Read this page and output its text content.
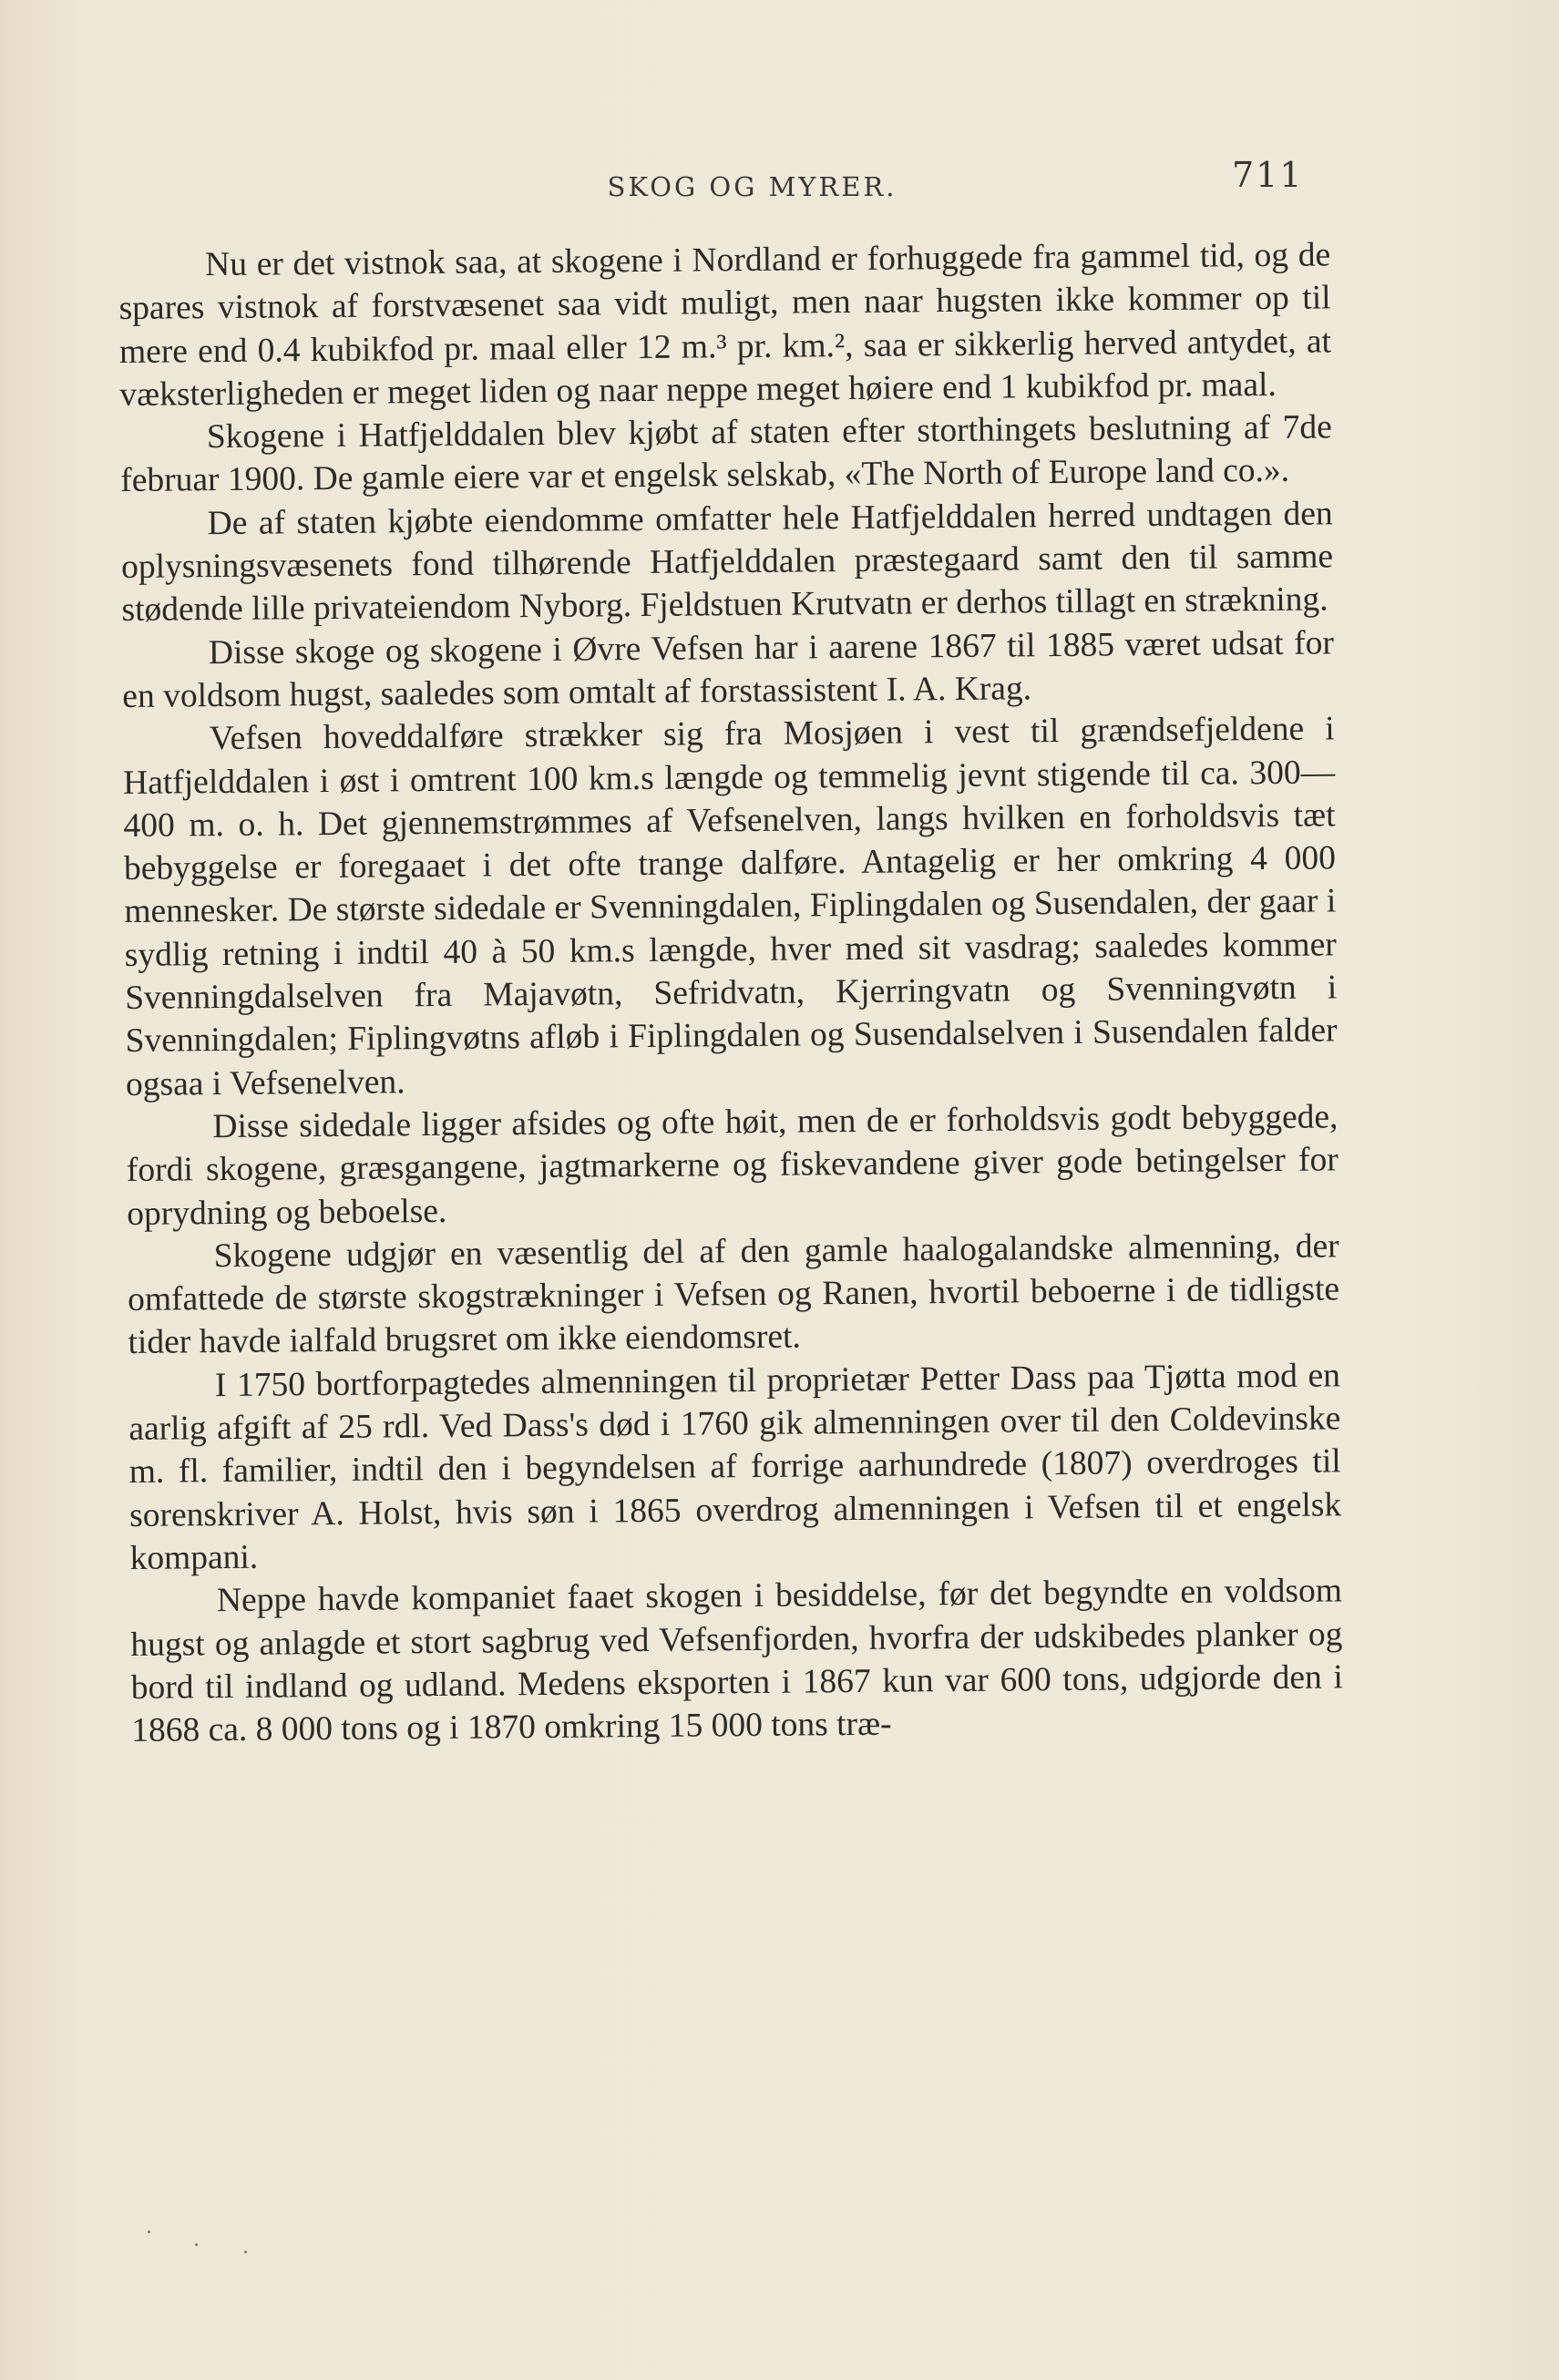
SKOG OG MYRER.	711

Nu er det vistnok saa, at skogene i Nordland er forhuggede fra gammel tid, og de spares vistnok af forstvæsenet saa vidt muligt, men naar hugsten ikke kommer op til mere end 0.4 kubikfod pr. maal eller 12 m.³ pr. km.², saa er sikkerlig herved antydet, at væksterligheden er meget liden og naar neppe meget høiere end 1 kubikfod pr. maal.

Skogene i Hatfjelddalen blev kjøbt af staten efter storthingets beslutning af 7de februar 1900. De gamle eiere var et engelsk selskab, «The North of Europe land co.».

De af staten kjøbte eiendomme omfatter hele Hatfjelddalen herred undtagen den oplysningsvæsenets fond tilhørende Hatfjelddalen præstegaard samt den til samme stødende lille privateiendom Nyborg. Fjeldstuen Krutvatn er derhos tillagt en strækning.

Disse skoge og skogene i Øvre Vefsen har i aarene 1867 til 1885 været udsat for en voldsom hugst, saaledes som omtalt af forstassistent I. A. Krag.

Vefsen hoveddalføre strækker sig fra Mosjøen i vest til grændsefjeldene i Hatfjelddalen i øst i omtrent 100 km.s længde og temmelig jevnt stigende til ca. 300—400 m. o. h. Det gjennemstrømmes af Vefsenelven, langs hvilken en forholdsvis tæt bebyggelse er foregaaet i det ofte trange dalføre. Antagelig er her omkring 4 000 mennesker. De største sidedale er Svenningdalen, Fiplingdalen og Susendalen, der gaar i sydlig retning i indtil 40 à 50 km.s længde, hver med sit vasdrag; saaledes kommer Svenningdalselven fra Majavøtn, Sefridvatn, Kjerringvatn og Svenningvøtn i Svenningdalen; Fiplingvøtns afløb i Fiplingdalen og Susendalselven i Susendalen falder ogsaa i Vefsenelven.

Disse sidedale ligger afsides og ofte høit, men de er forholdsvis godt bebyggede, fordi skogene, græsgangene, jagtmarkerne og fiskevandene giver gode betingelser for oprydning og beboelse.

Skogene udgjør en væsentlig del af den gamle haalogalandske almenning, der omfattede de største skogstrækninger i Vefsen og Ranen, hvortil beboerne i de tidligste tider havde ialfald brugsret om ikke eiendomsret.

I 1750 bortforpagtedes almenningen til proprietær Petter Dass paa Tjøtta mod en aarlig afgift af 25 rdl. Ved Dass's død i 1760 gik almenningen over til den Coldevinske m. fl. familier, indtil den i begyndelsen af forrige aarhundrede (1807) overdroges til sorenskriver A. Holst, hvis søn i 1865 overdrog almenningen i Vefsen til et engelsk kompani.

Neppe havde kompaniet faaet skogen i besiddelse, før det begyndte en voldsom hugst og anlagde et stort sagbrug ved Vefsenfjorden, hvorfra der udskibedes planker og bord til indland og udland. Medens eksporten i 1867 kun var 600 tons, udgjorde den i 1868 ca. 8 000 tons og i 1870 omkring 15 000 tons træ-
